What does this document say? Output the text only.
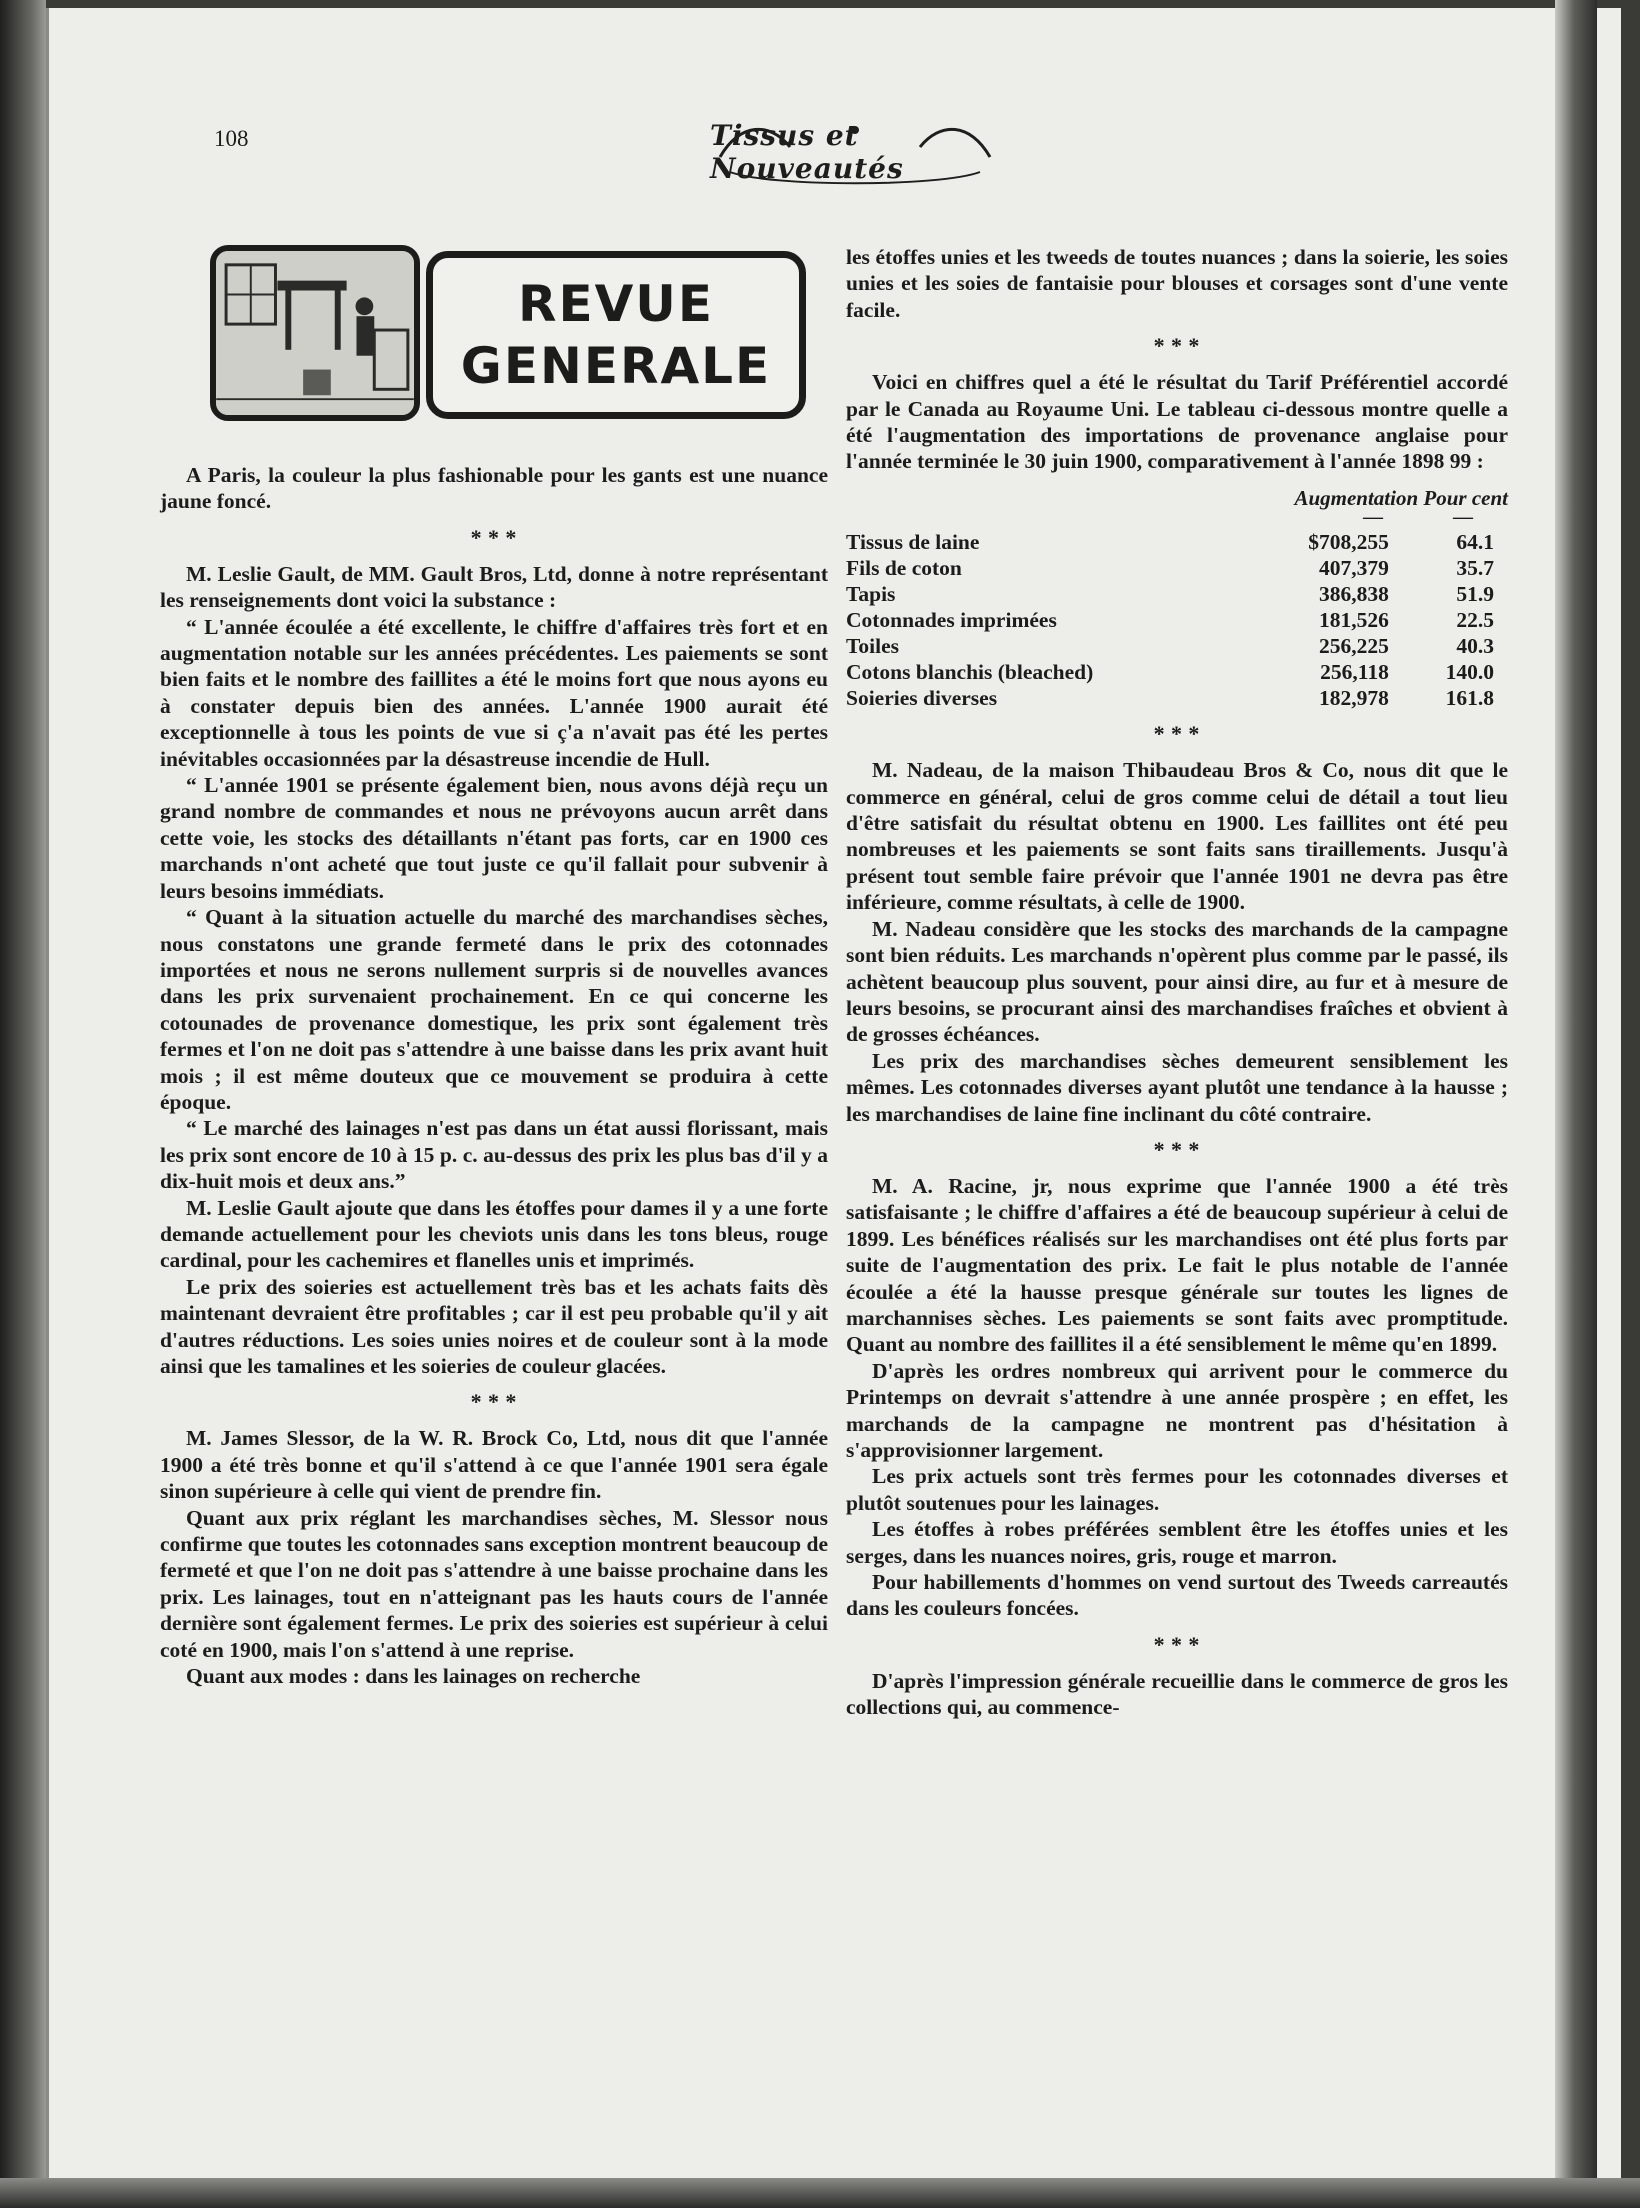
108	Tissus et Nouveautés
REVUE
GENERALE

A Paris, la couleur la plus fashionable pour les gants est une nuance jaune foncé.

* * *

M. Leslie Gault, de MM. Gault Bros, Ltd, donne à notre représentant les renseignements dont voici la substance :

“ L'année écoulée a été excellente, le chiffre d'affaires très fort et en augmentation notable sur les années précédentes. Les paiements se sont bien faits et le nombre des faillites a été le moins fort que nous ayons eu à constater depuis bien des années. L'année 1900 aurait été exceptionnelle à tous les points de vue si ç'a n'avait pas été les pertes inévitables occasionnées par la désastreuse incendie de Hull.

“ L'année 1901 se présente également bien, nous avons déjà reçu un grand nombre de commandes et nous ne prévoyons aucun arrêt dans cette voie, les stocks des détaillants n'étant pas forts, car en 1900 ces marchands n'ont acheté que tout juste ce qu'il fallait pour subvenir à leurs besoins immédiats.

“ Quant à la situation actuelle du marché des marchandises sèches, nous constatons une grande fermeté dans le prix des cotonnades importées et nous ne serons nullement surpris si de nouvelles avances dans les prix survenaient prochainement. En ce qui concerne les cotounades de provenance domestique, les prix sont également très fermes et l'on ne doit pas s'attendre à une baisse dans les prix avant huit mois ; il est même douteux que ce mouvement se produira à cette époque.

“ Le marché des lainages n'est pas dans un état aussi florissant, mais les prix sont encore de 10 à 15 p. c. au-dessus des prix les plus bas d'il y a dix-huit mois et deux ans.”

M. Leslie Gault ajoute que dans les étoffes pour dames il y a une forte demande actuellement pour les cheviots unis dans les tons bleus, rouge cardinal, pour les cachemires et flanelles unis et imprimés.

Le prix des soieries est actuellement très bas et les achats faits dès maintenant devraient être profitables ; car il est peu probable qu'il y ait d'autres réductions. Les soies unies noires et de couleur sont à la mode ainsi que les tamalines et les soieries de couleur glacées.

* * *

M. James Slessor, de la W. R. Brock Co, Ltd, nous dit que l'année 1900 a été très bonne et qu'il s'attend à ce que l'année 1901 sera égale sinon supérieure à celle qui vient de prendre fin.

Quant aux prix réglant les marchandises sèches, M. Slessor nous confirme que toutes les cotonnades sans exception montrent beaucoup de fermeté et que l'on ne doit pas s'attendre à une baisse prochaine dans les prix. Les lainages, tout en n'atteignant pas les hauts cours de l'année dernière sont également fermes. Le prix des soieries est supérieur à celui coté en 1900, mais l'on s'attend à une reprise.

Quant aux modes : dans les lainages on recherche

les étoffes unies et les tweeds de toutes nuances ; dans la soierie, les soies unies et les soies de fantaisie pour blouses et corsages sont d'une vente facile.

* * *

Voici en chiffres quel a été le résultat du Tarif Préférentiel accordé par le Canada au Royaume Uni. Le tableau ci-dessous montre quelle a été l'augmentation des importations de provenance anglaise pour l'année terminée le 30 juin 1900, comparativement à l'année 1898 99 :

Augmentation Pour cent
—	—
Tissus de laine	$708,255	64.1
Fils de coton	407,379	35.7
Tapis	386,838	51.9
Cotonnades imprimées	181,526	22.5
Toiles	256,225	40.3
Cotons blanchis (bleached)	256,118	140.0
Soieries diverses	182,978	161.8
* * *

M. Nadeau, de la maison Thibaudeau Bros & Co, nous dit que le commerce en général, celui de gros comme celui de détail a tout lieu d'être satisfait du résultat obtenu en 1900. Les faillites ont été peu nombreuses et les paiements se sont faits sans tiraillements. Jusqu'à présent tout semble faire prévoir que l'année 1901 ne devra pas être inférieure, comme résultats, à celle de 1900.

M. Nadeau considère que les stocks des marchands de la campagne sont bien réduits. Les marchands n'opèrent plus comme par le passé, ils achètent beaucoup plus souvent, pour ainsi dire, au fur et à mesure de leurs besoins, se procurant ainsi des marchandises fraîches et obvient à de grosses échéances.

Les prix des marchandises sèches demeurent sensiblement les mêmes. Les cotonnades diverses ayant plutôt une tendance à la hausse ; les marchandises de laine fine inclinant du côté contraire.

* * *

M. A. Racine, jr, nous exprime que l'année 1900 a été très satisfaisante ; le chiffre d'affaires a été de beaucoup supérieur à celui de 1899. Les bénéfices réalisés sur les marchandises ont été plus forts par suite de l'augmentation des prix. Le fait le plus notable de l'année écoulée a été la hausse presque générale sur toutes les lignes de marchannises sèches. Les paiements se sont faits avec promptitude. Quant au nombre des faillites il a été sensiblement le même qu'en 1899.

D'après les ordres nombreux qui arrivent pour le commerce du Printemps on devrait s'attendre à une année prospère ; en effet, les marchands de la campagne ne montrent pas d'hésitation à s'approvisionner largement.

Les prix actuels sont très fermes pour les cotonnades diverses et plutôt soutenues pour les lainages.

Les étoffes à robes préférées semblent être les étoffes unies et les serges, dans les nuances noires, gris, rouge et marron.

Pour habillements d'hommes on vend surtout des Tweeds carreautés dans les couleurs foncées.

* * *

D'après l'impression générale recueillie dans le commerce de gros les collections qui, au commence-
